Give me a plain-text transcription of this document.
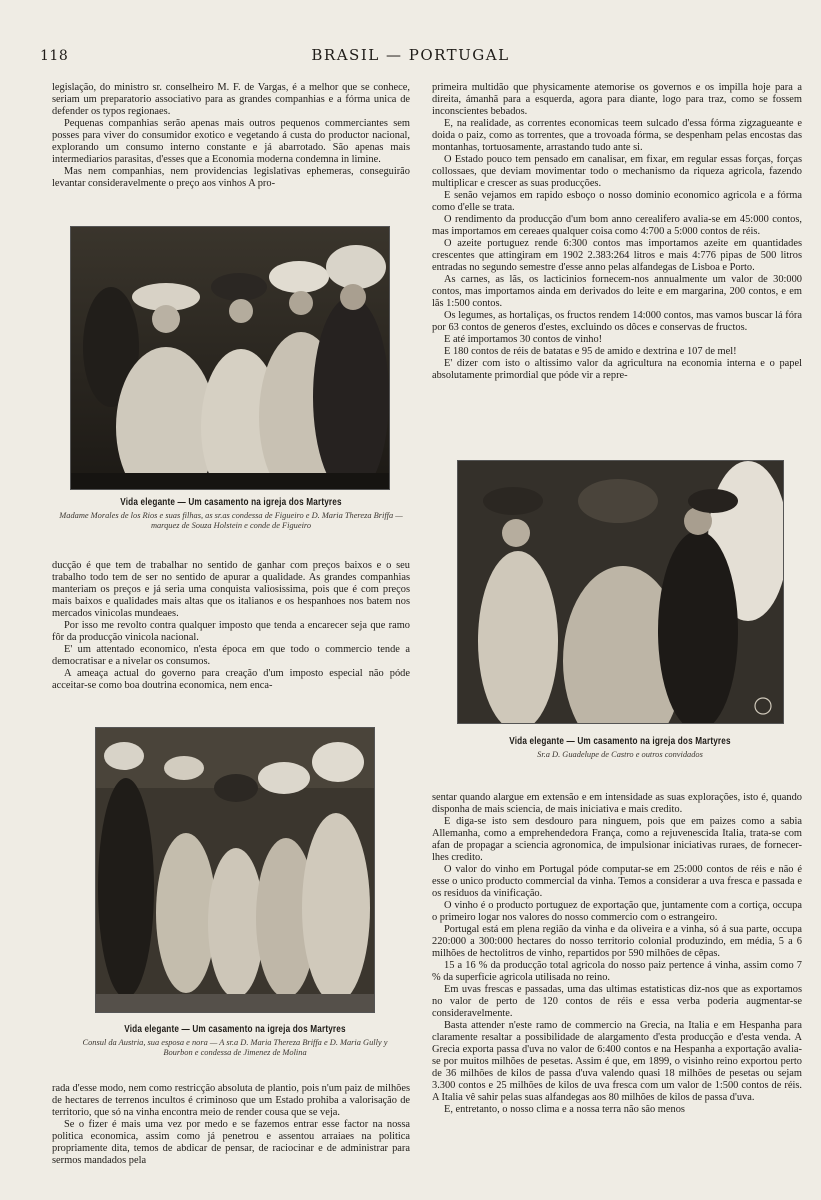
118	BRASIL — PORTUGAL

legislação, do ministro sr. conselheiro M. F. de Vargas, é a melhor que se conhece, seriam um preparatorio associativo para as grandes companhias e a fórma unica de defender os typos regionaes.

Pequenas companhias serão apenas mais outros pequenos commerciantes sem posses para viver do consumidor exotico e vegetando á custa do productor nacional, explorando um consumo interno constante e já abarrotado. São apenas mais intermediarios parasitas, d'esses que a Economia moderna condemna in limine.

Mas nem companhias, nem providencias legislativas ephemeras, conseguirão levantar consideravelmente o preço aos vinhos A pro-

Vida elegante — Um casamento na igreja dos Martyres
Madame Morales de los Rios e suas filhas, as sr.as condessa de Figueiro e D. Maria Thereza Briffa — marquez de Souza Holstein e conde de Figueiro

ducção é que tem de trabalhar no sentido de ganhar com preços baixos e o seu trabalho todo tem de ser no sentido de apurar a qualidade. As grandes companhias manteriam os preços e já seria uma conquista valiosissima, pois que é com preços mais baixos e qualidades mais altas que os italianos e os hespanhoes nos batem nos mercados vinicolas mundeaes.

Por isso me revolto contra qualquer imposto que tenda a encarecer seja que ramo fôr da producção vinicola nacional.

E' um attentado economico, n'esta época em que todo o commercio tende a democratisar e a nivelar os consumos.

A ameaça actual do governo para creação d'um imposto especial não póde acceitar-se como boa doutrina economica, nem enca-

Vida elegante — Um casamento na igreja dos Martyres
Consul da Austria, sua esposa e nora — A sr.a D. Maria Thereza Briffa e D. Maria Gully y Bourbon e condessa de Jimenez de Molina

rada d'esse modo, nem como restricção absoluta de plantio, pois n'um paiz de milhões de hectares de terrenos incultos é criminoso que um Estado prohiba a valorisação de territorio, que só na vinha encontra meio de render cousa que se veja.

Se o fizer é mais uma vez por medo e se fazemos entrar esse factor na nossa politica economica, assim como já penetrou e assentou arraiaes na politica propriamente dita, temos de abdicar de pensar, de raciocinar e de administrar para sermos mandados pela

primeira multidão que physicamente atemorise os governos e os impilla hoje para a direita, ámanhã para a esquerda, agora para diante, logo para traz, como se fossem inconscientes bebados.

E, na realidade, as correntes economicas teem sulcado d'essa fórma zigzagueante e doida o paiz, como as torrentes, que a trovoada fórma, se despenham pelas encostas das montanhas, tortuosamente, arrastando tudo ante si.

O Estado pouco tem pensado em canalisar, em fixar, em regular essas forças, forças collossaes, que deviam movimentar todo o mechanismo da riqueza agricola, fazendo multiplicar e crescer as suas producções.

E senão vejamos em rapido esboço o nosso dominio economico agricola e a fórma como d'elle se trata.

O rendimento da producção d'um bom anno cerealifero avalia-se em 45:000 contos, mas importamos em cereaes qualquer coisa como 4:700 a 5:000 contos de réis.

O azeite portuguez rende 6:300 contos mas importamos azeite em quantidades crescentes que attingiram em 1902 2.383:264 litros e mais 4:776 pipas de 500 litros entradas no segundo semestre d'esse anno pelas alfandegas de Lisboa e Porto.

As carnes, as lãs, os lacticinios fornecem-nos annualmente um valor de 30:000 contos, mas importamos ainda em derivados do leite e em margarina, 200 contos, e em lãs 1:500 contos.

Os legumes, as hortaliças, os fructos rendem 14:000 contos, mas vamos buscar lá fóra por 63 contos de generos d'estes, excluindo os dôces e conservas de fructos.

E até importamos 30 contos de vinho!

E 180 contos de réis de batatas e 95 de amido e dextrina e 107 de mel!

E' dizer com isto o altissimo valor da agricultura na economia interna e o papel absolutamente primordial que póde vir a repre-

Vida elegante — Um casamento na igreja dos Martyres
Sr.a D. Guadelupe de Castro e outros convidados

sentar quando alargue em extensão e em intensidade as suas explorações, isto é, quando disponha de mais sciencia, de mais iniciativa e mais credito.

E diga-se isto sem desdouro para ninguem, pois que em paizes como a sabia Allemanha, como a emprehendedora França, como a rejuvenescida Italia, trata-se com afan de propagar a sciencia agronomica, de impulsionar iniciativas ruraes, de fornecer-lhes credito.

O valor do vinho em Portugal póde computar-se em 25:000 contos de réis e não é esse o unico producto commercial da vinha. Temos a considerar a uva fresca e passada e os residuos da vinificação.

O vinho é o producto portuguez de exportação que, juntamente com a cortiça, occupa o primeiro logar nos valores do nosso commercio com o estrangeiro.

Portugal está em plena região da vinha e da oliveira e a vinha, só á sua parte, occupa 220:000 a 300:000 hectares do nosso territorio colonial produzindo, em média, 5 a 6 milhões de hectolitros de vinho, repartidos por 590 milhões de cêpas.

15 a 16 % da producção total agricola do nosso paiz pertence á vinha, assim como 7 % da superficie agricola utilisada no reino.

Em uvas frescas e passadas, uma das ultimas estatisticas diz-nos que as exportamos no valor de perto de 120 contos de réis e essa verba poderia augmentar-se consideravelmente.

Basta attender n'este ramo de commercio na Grecia, na Italia e em Hespanha para claramente resaltar a possibilidade de alargamento d'esta producção e d'esta venda. A Grecia exporta passa d'uva no valor de 6:400 contos e na Hespanha a exportação avalia-se por muitos milhões de pesetas. Assim é que, em 1899, o visinho reino exportou perto de 36 milhões de kilos de passa d'uva valendo quasi 18 milhões de pesetas ou sejam 3.300 contos e 25 milhões de kilos de uva fresca com um valor de 1:500 contos de réis. A Italia vê sahir pelas suas alfandegas aos 80 milhões de kilos de passa d'uva.

E, entretanto, o nosso clima e a nossa terra não são menos
